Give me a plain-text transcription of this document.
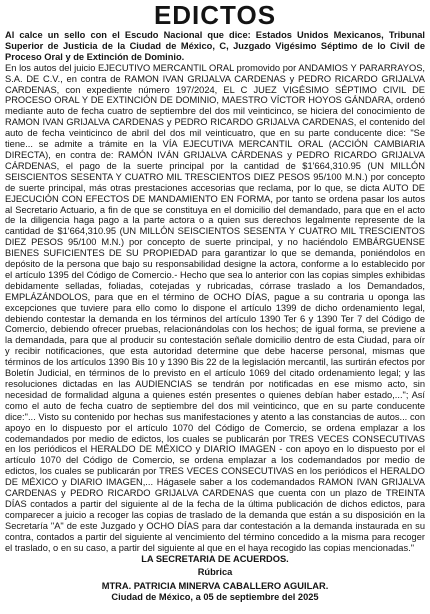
EDICTOS

Al calce un sello con el Escudo Nacional que dice: Estados Unidos Mexicanos, Tribunal Superior de Justicia de la Ciudad de México, C, Juzgado Vigésimo Séptimo de lo Civil de Proceso Oral y de Extinción de Dominio.

En los autos del juicio EJECUTIVO MERCANTIL ORAL promovido por ANDAMIOS Y PARARRAYOS, S.A. DE C.V., en contra de RAMON IVAN GRIJALVA CARDENAS y PEDRO RICARDO GRIJALVA CARDENAS, con expediente número 197/2024, EL C JUEZ VIGÉSIMO SÉPTIMO CIVIL DE PROCESO ORAL Y DE EXTINCIÓN DE DOMINIO, MAESTRO VÍCTOR HOYOS GÁNDARA, ordenó mediante auto de fecha cuatro de septiembre del dos mil veinticinco, se hiciera del conocimiento de RAMON IVAN GRIJALVA CARDENAS y PEDRO RICARDO GRIJALVA CARDENAS, el contenido del auto de fecha veinticinco de abril del dos mil veinticuatro, que en su parte conducente dice: "Se tiene... se admite a trámite en la VÍA EJECUTIVA MERCANTIL ORAL (ACCIÓN CAMBIARIA DIRECTA), en contra de: RAMÓN IVÁN GRIJALVA CÁRDENAS y PEDRO RICARDO GRIJALVA CÁRDENAS, el pago de la suerte principal por la cantidad de $1'664,310.95 (UN MILLÓN SEISCIENTOS SESENTA Y CUATRO MIL TRESCIENTOS DIEZ PESOS 95/100 M.N.) por concepto de suerte principal, más otras prestaciones accesorias que reclama, por lo que, se dicta AUTO DE EJECUCIÓN CON EFECTOS DE MANDAMIENTO EN FORMA, por tanto se ordena pasar los autos al Secretario Actuario, a fin de que se constituya en el domicilio del demandado, para que en el acto de la diligencia haga pago a la parte actora o a quien sus derechos legalmente represente de la cantidad de $1'664,310.95 (UN MILLÓN SEISCIENTOS SESENTA Y CUATRO MIL TRESCIENTOS DIEZ PESOS 95/100 M.N.) por concepto de suerte principal, y no haciéndolo EMBÁRGUENSE BIENES SUFICIENTES DE SU PROPIEDAD para garantizar lo que se demanda, poniéndolos en depósito de la persona que bajo su responsabilidad designe la actora, conforme a lo establecido por el artículo 1395 del Código de Comercio.- Hecho que sea lo anterior con las copias simples exhibidas debidamente selladas, foliadas, cotejadas y rubricadas, córrase traslado a los Demandados, EMPLÁZÁNDOLOS, para que en el término de OCHO DÍAS, pague a su contraria u oponga las excepciones que tuviere para ello como lo dispone el artículo 1399 de dicho ordenamiento legal, debiendo contestar la demanda en los términos del artículo 1390 Ter 6 y 1390 Ter 7 del Código de Comercio, debiendo ofrecer pruebas, relacionándolas con los hechos; de igual forma, se previene a la demandada, para que al producir su contestación señale domicilio dentro de esta Ciudad, para oír y recibir notificaciones, que esta autoridad determine que debe hacerse personal, mismas que términos de los artículos 1390 Bis 10 y 1390 Bis 22 de la legislación mercantil, las surtirán efectos por Boletín Judicial, en términos de lo previsto en el artículo 1069 del citado ordenamiento legal; y las resoluciones dictadas en las AUDIENCIAS se tendrán por notificadas en ese mismo acto, sin necesidad de formalidad alguna a quienes estén presentes o quienes debían haber estado,..."; Así como el auto de fecha cuatro de septiembre del dos mil veinticinco, que en su parte conducente dice:"... Visto su contenido por hechas sus manifestaciones y atento a las constancias de autos... con apoyo en lo dispuesto por el artículo 1070 del Código de Comercio, se ordena emplazar a los codemandados por medio de edictos, los cuales se publicarán por TRES VECES CONSECUTIVAS en los periódicos el HERALDO DE MÉXICO y DIARIO IMAGEN - con apoyo en lo dispuesto por el artículo 1070 del Código de Comercio, se ordena emplazar a los codemandados por medio de edictos, los cuales se publicarán por TRES VECES CONSECUTIVAS en los periódicos el HERALDO DE MÉXICO y DIARIO IMAGEN,... Hágasele saber a los codemandados RAMON IVAN GRIJALVA CARDENAS y PEDRO RICARDO GRIJALVA CARDENAS que cuenta con un plazo de TREINTA DÍAS contados a partir del siguiente al de la fecha de la última publicación de dichos edictos, para comparecer a juicio a recoger las copias de traslado de la demanda que están a su disposición en la Secretaría "A" de este Juzgado y OCHO DÍAS para dar contestación a la demanda instaurada en su contra, contados a partir del siguiente al vencimiento del término concedido a la misma para recoger el traslado, o en su caso, a partir del siguiente al que en el haya recogido las copias mencionadas."

LA SECRETARIA DE ACUERDOS.

Rúbrica

MTRA. PATRICIA MINERVA CABALLERO AGUILAR.

Ciudad de México, a 05 de septiembre del 2025
